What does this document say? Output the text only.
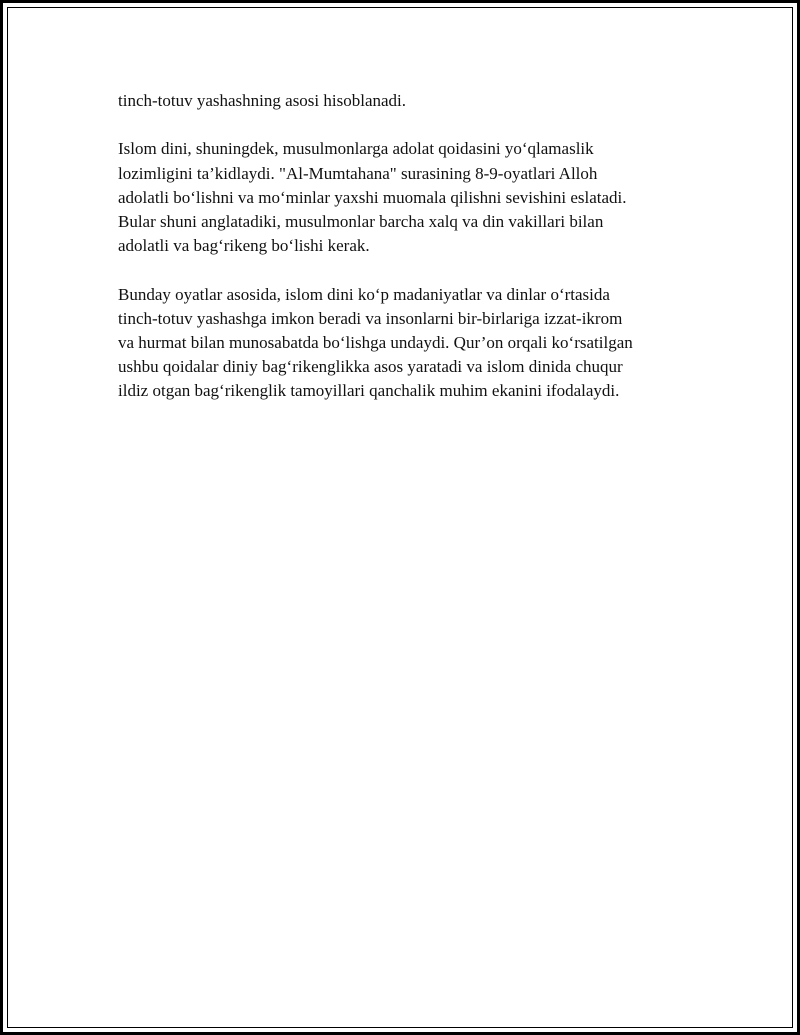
tinch-totuv yashashning asosi hisoblanadi.

Islom dini, shuningdek, musulmonlarga adolat qoidasini yoʻqlamaslik
lozimligini ta’kidlaydi. "Al-Mumtahana" surasining 8-9-oyatlari Alloh
adolatli boʻlishni va moʻminlar yaxshi muomala qilishni sevishini eslatadi.
Bular shuni anglatadiki, musulmonlar barcha xalq va din vakillari bilan
adolatli va bagʻrikeng boʻlishi kerak.

Bunday oyatlar asosida, islom dini koʻp madaniyatlar va dinlar oʻrtasida
tinch-totuv yashashga imkon beradi va insonlarni bir-birlariga izzat-ikrom
va hurmat bilan munosabatda boʻlishga undaydi. Qur’on orqali koʻrsatilgan
ushbu qoidalar diniy bagʻrikenglikka asos yaratadi va islom dinida chuqur
ildiz otgan bagʻrikenglik tamoyillari qanchalik muhim ekanini ifodalaydi.
